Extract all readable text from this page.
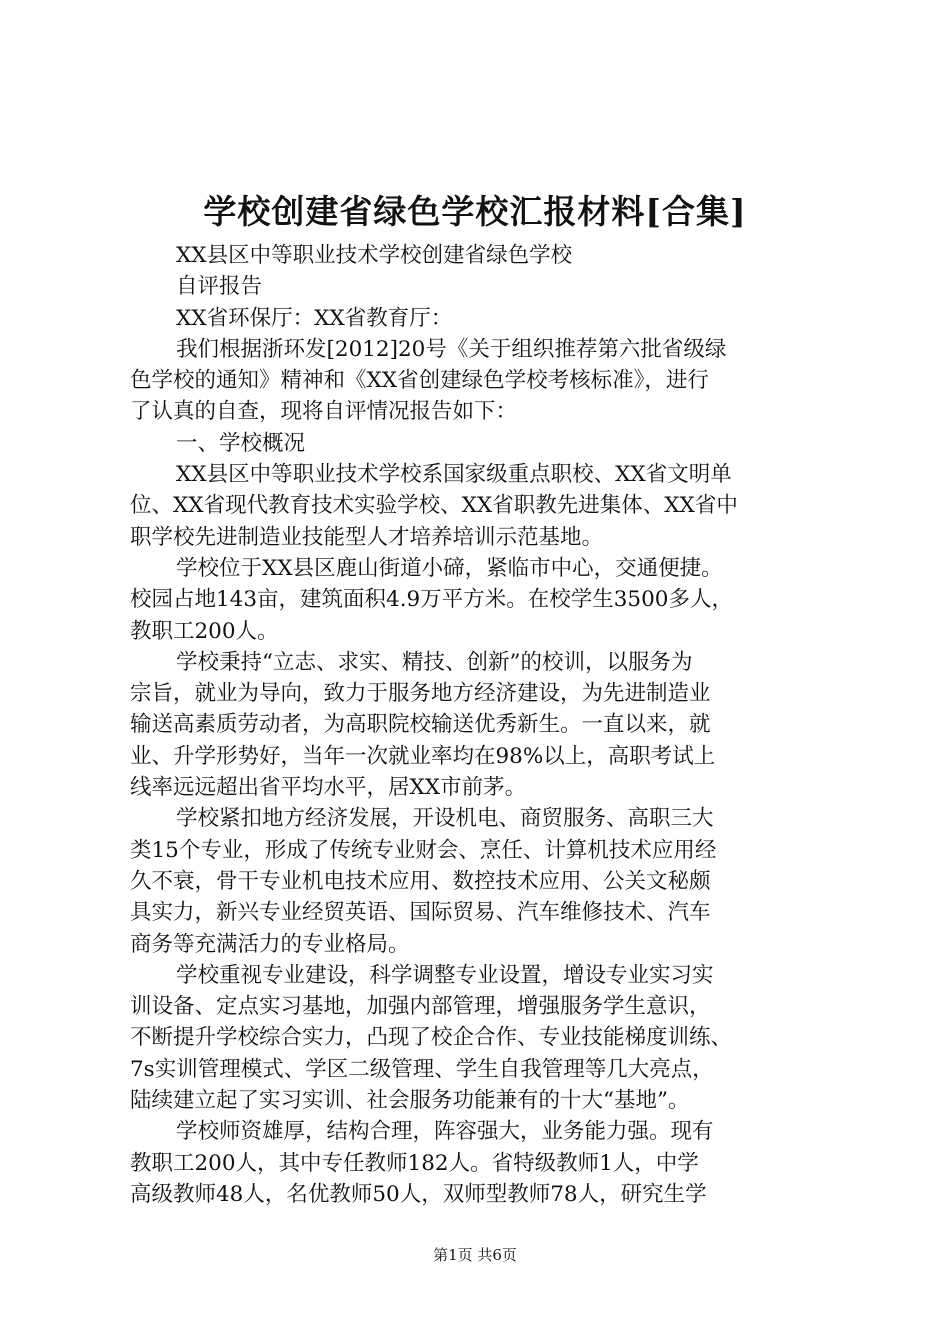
学校创建省绿色学校汇报材料[合集]
XX县区中等职业技术学校创建省绿色学校
自评报告
XX省环保厅：XX省教育厅：
我们根据浙环发[2012]20号《关于组织推荐第六批省级绿
色学校的通知》精神和《XX省创建绿色学校考核标准》，进行
了认真的自查，现将自评情况报告如下：
一、学校概况
XX县区中等职业技术学校系国家级重点职校、XX省文明单
位、XX省现代教育技术实验学校、XX省职教先进集体、XX省中
职学校先进制造业技能型人才培养培训示范基地。
学校位于XX县区鹿山街道小碲，紧临市中心，交通便捷。
校园占地143亩，建筑面积4.9万平方米。在校学生3500多人，
教职工200人。
学校秉持“立志、求实、精技、创新”的校训，以服务为
宗旨，就业为导向，致力于服务地方经济建设，为先进制造业
输送高素质劳动者，为高职院校输送优秀新生。一直以来，就
业、升学形势好，当年一次就业率均在98%以上，高职考试上
线率远远超出省平均水平，居XX市前茅。
学校紧扣地方经济发展，开设机电、商贸服务、高职三大
类15个专业，形成了传统专业财会、烹任、计算机技术应用经
久不衰，骨干专业机电技术应用、数控技术应用、公关文秘颇
具实力，新兴专业经贸英语、国际贸易、汽车维修技术、汽车
商务等充满活力的专业格局。
学校重视专业建设，科学调整专业设置，增设专业实习实
训设备、定点实习基地，加强内部管理，增强服务学生意识，
不断提升学校综合实力，凸现了校企合作、专业技能梯度训练、
7s实训管理模式、学区二级管理、学生自我管理等几大亮点，
陆续建立起了实习实训、社会服务功能兼有的十大“基地”。
学校师资雄厚，结构合理，阵容强大，业务能力强。现有
教职工200人，其中专任教师182人。省特级教师1人，中学
高级教师48人，名优教师50人，双师型教师78人，研究生学
第1页 共6页
